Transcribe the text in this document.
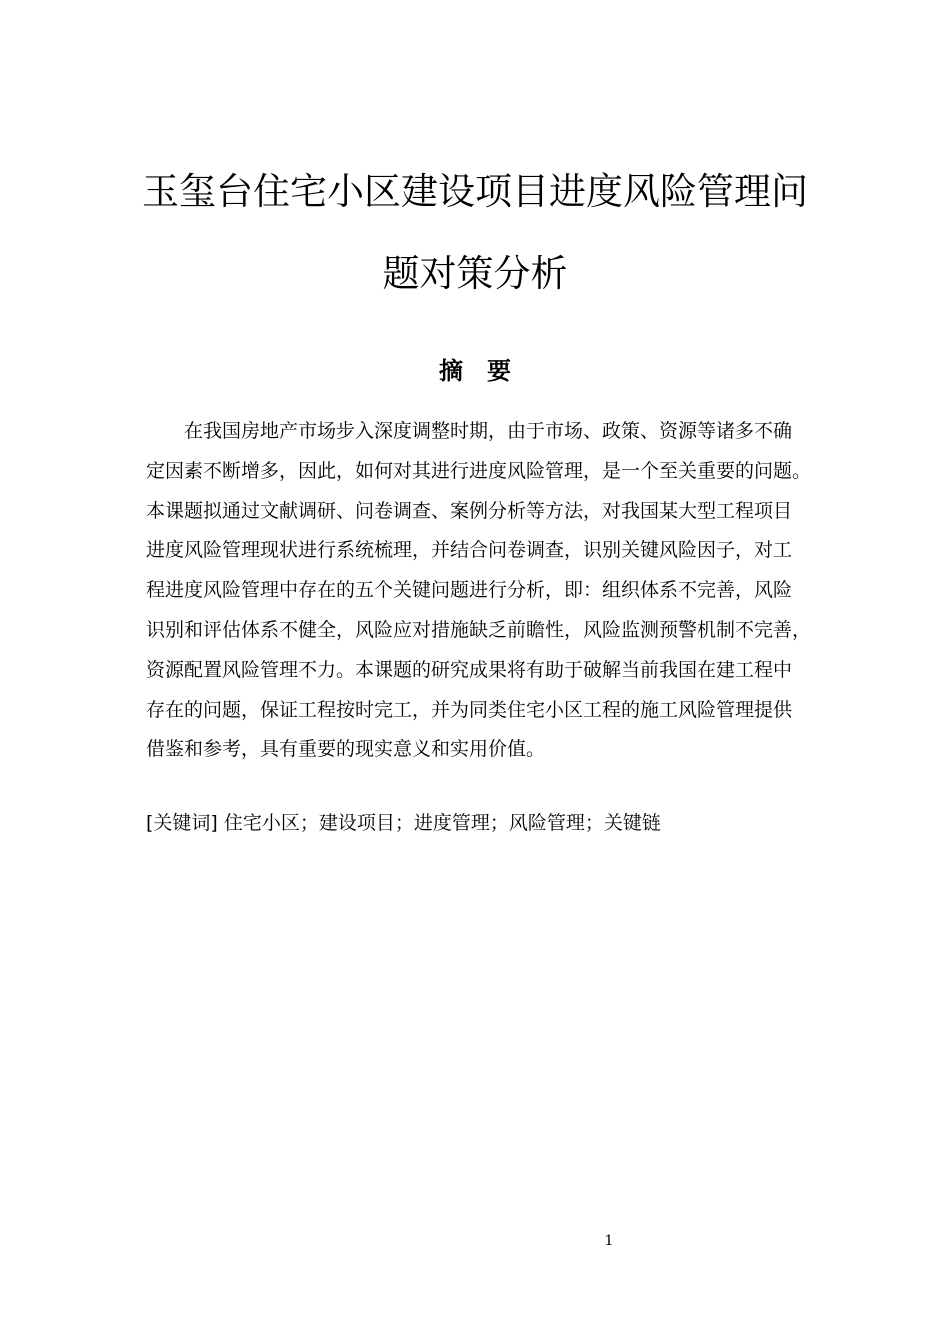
玉玺台住宅小区建设项目进度风险管理问
题对策分析
摘要
在我国房地产市场步入深度调整时期，由于市场、政策、资源等诸多不确
定因素不断增多，因此，如何对其进行进度风险管理，是一个至关重要的问题。
本课题拟通过文献调研、问卷调查、案例分析等方法，对我国某大型工程项目
进度风险管理现状进行系统梳理，并结合问卷调查，识别关键风险因子，对工
程进度风险管理中存在的五个关键问题进行分析，即：组织体系不完善，风险
识别和评估体系不健全，风险应对措施缺乏前瞻性，风险监测预警机制不完善，
资源配置风险管理不力。本课题的研究成果将有助于破解当前我国在建工程中
存在的问题，保证工程按时完工，并为同类住宅小区工程的施工风险管理提供
借鉴和参考，具有重要的现实意义和实用价值。
[关键词] 住宅小区；建设项目；进度管理；风险管理；关键链
1
